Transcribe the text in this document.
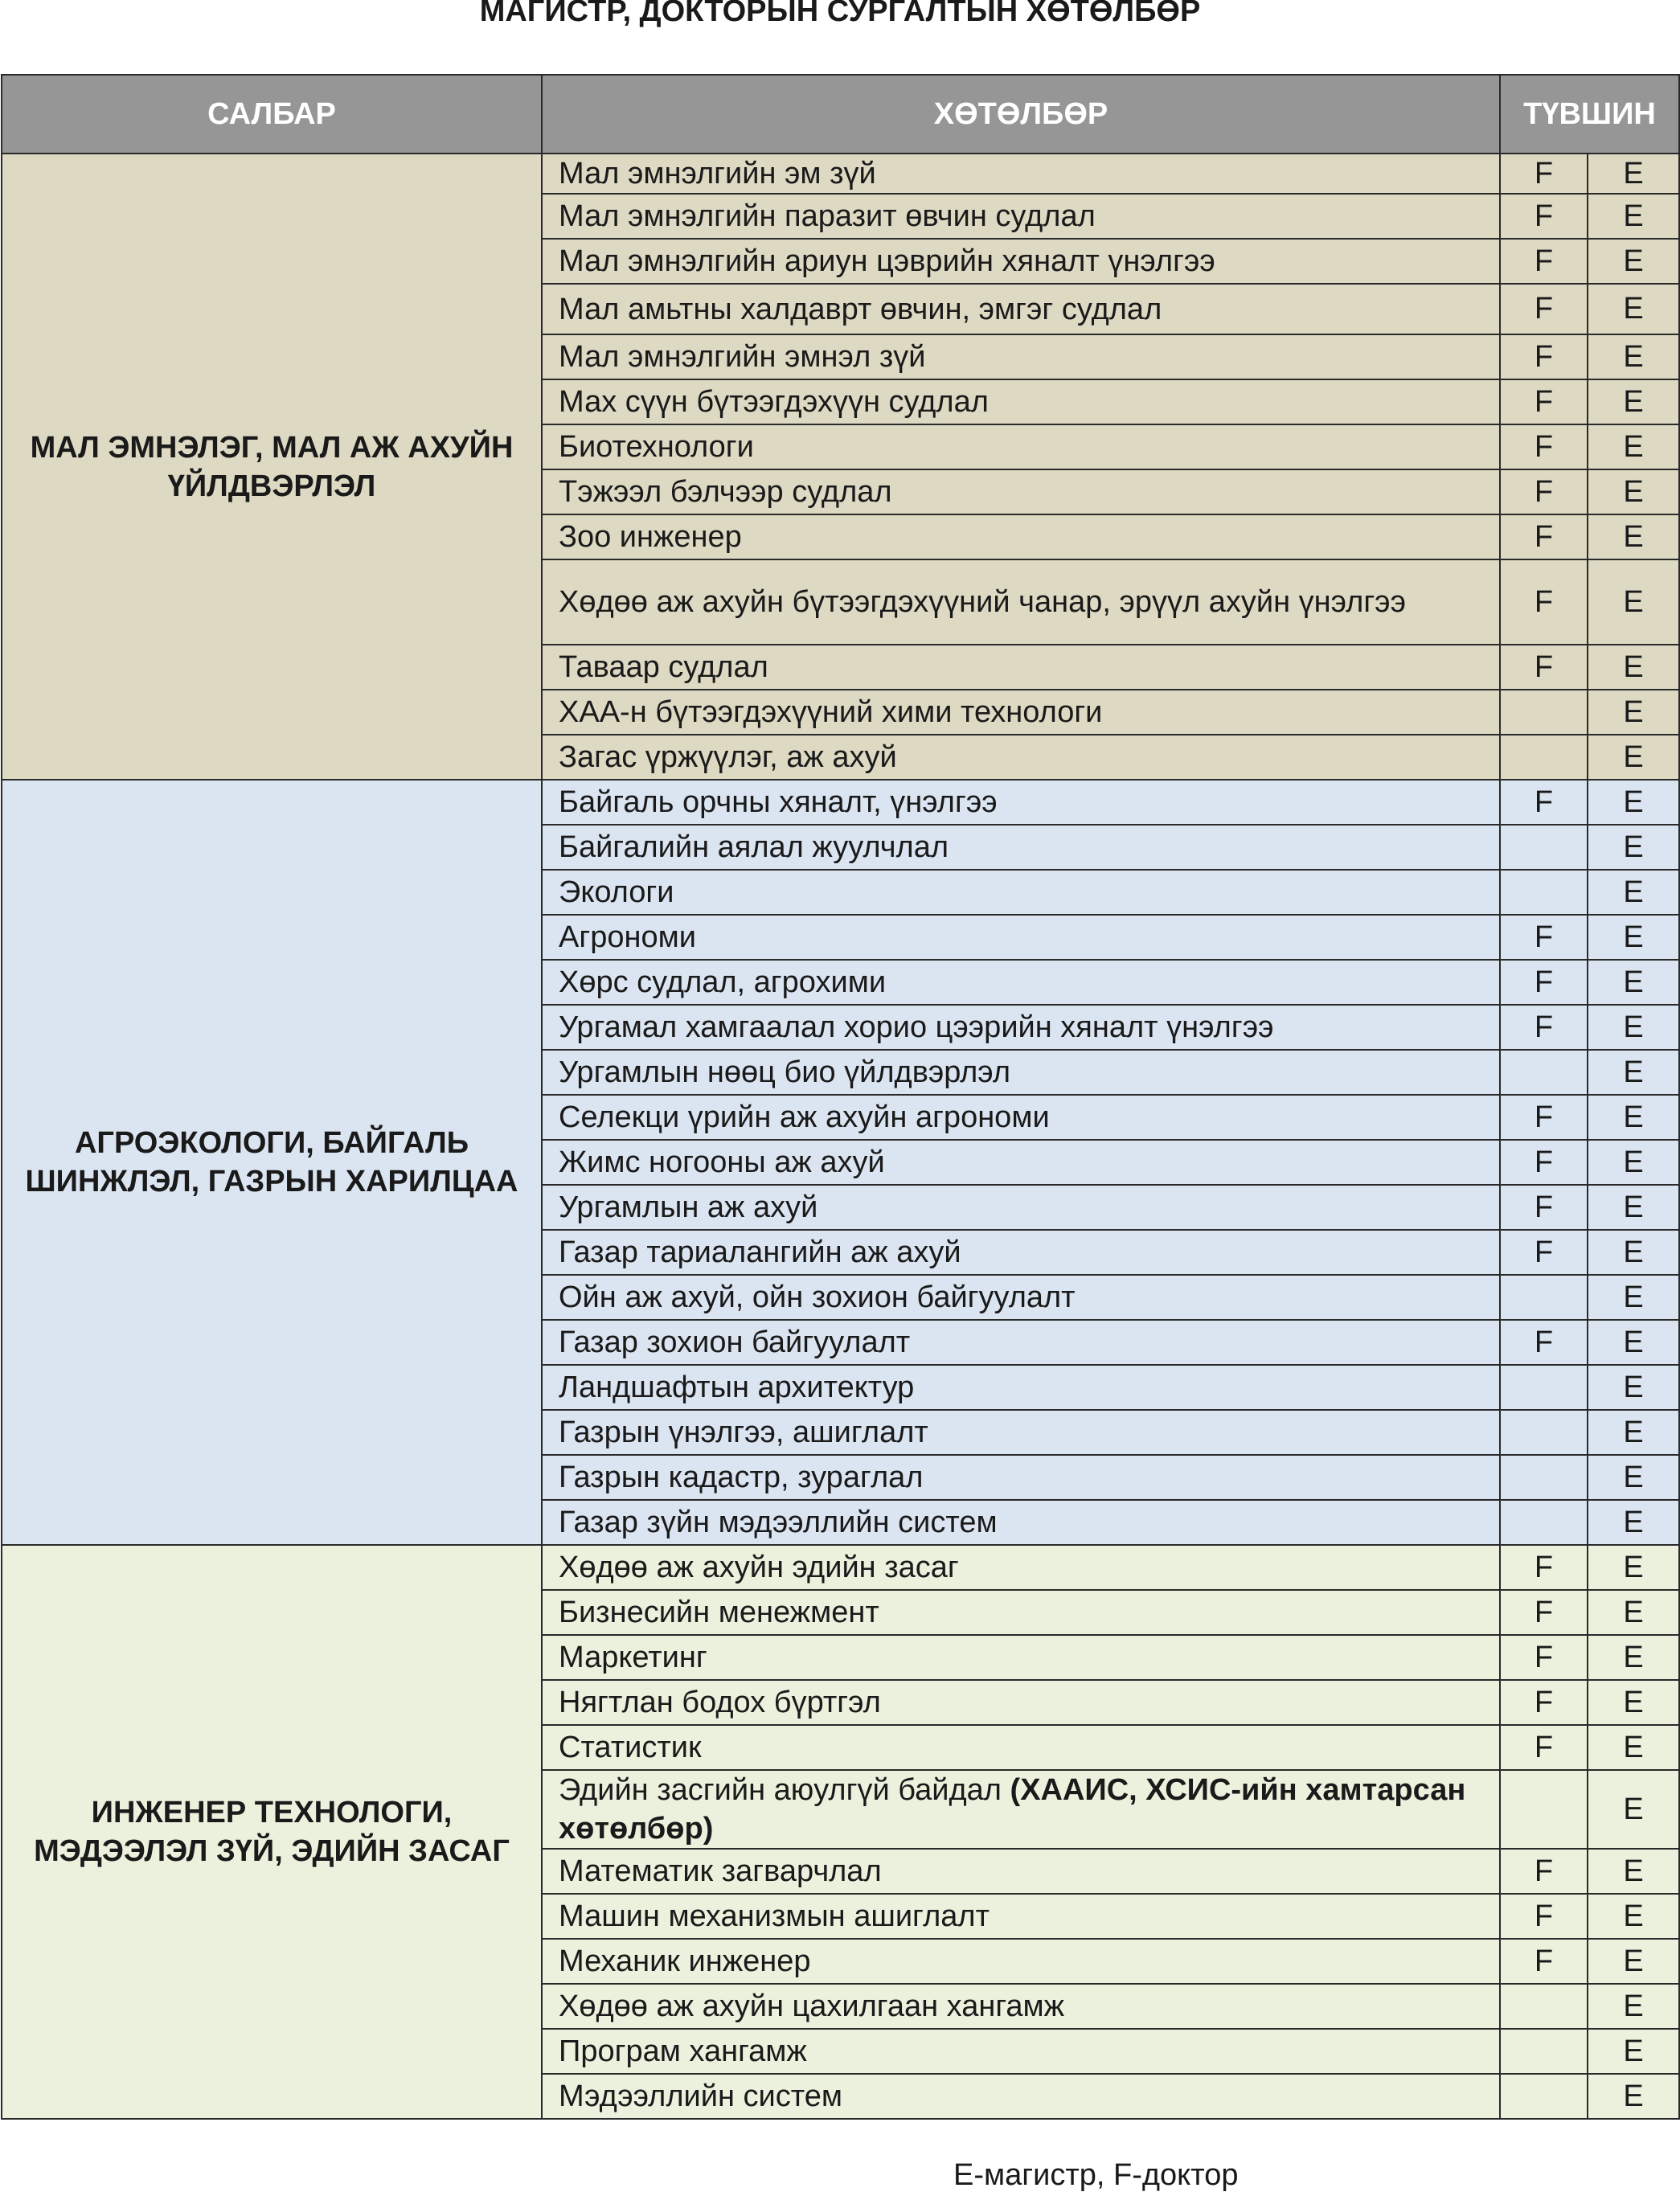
МАГИСТР, ДОКТОРЫН СУРГАЛТЫН ХӨТӨЛБӨР
САЛБАР	ХӨТӨЛБӨР	ТҮВШИН	
МАЛ ЭМНЭЛЭГ, МАЛ АЖ АХУЙН ҮЙЛДВЭРЛЭЛ	Мал эмнэлгийн эм зүй	F	E
	Мал эмнэлгийн паразит өвчин судлал	F	E
	Мал эмнэлгийн ариун цэврийн хяналт үнэлгээ	F	E
	Мал амьтны халдаврт өвчин, эмгэг судлал	F	E
	Мал эмнэлгийн эмнэл зүй	F	E
	Мах сүүн бүтээгдэхүүн судлал	F	E
	Биотехнологи	F	E
	Тэжээл бэлчээр судлал	F	E
	Зоо инженер	F	E
	Хөдөө аж ахуйн бүтээгдэхүүний чанар, эрүүл ахуйн үнэлгээ	F	E
	Таваар судлал	F	E
	ХАА-н бүтээгдэхүүний хими технологи		E
	Загас үржүүлэг, аж ахуй		E
АГРОЭКОЛОГИ, БАЙГАЛЬ ШИНЖЛЭЛ, ГАЗРЫН ХАРИЛЦАА	Байгаль орчны хяналт, үнэлгээ	F	E
	Байгалийн аялал жуулчлал		E
	Экологи		E
	Агрономи	F	E
	Хөрс судлал, агрохими	F	E
	Ургамал хамгаалал хорио цээрийн хяналт үнэлгээ	F	E
	Ургамлын нөөц био үйлдвэрлэл		E
	Селекци үрийн аж ахуйн агрономи	F	E
	Жимс ногооны аж ахуй	F	E
	Ургамлын аж ахуй	F	E
	Газар тариалангийн аж ахуй	F	E
	Ойн аж ахуй, ойн зохион байгуулалт		E
	Газар зохион байгуулалт	F	E
	Ландшафтын архитектур		E
	Газрын үнэлгээ, ашиглалт		E
	Газрын кадастр, зураглал		E
	Газар зүйн мэдээллийн систем		E
ИНЖЕНЕР ТЕХНОЛОГИ, МЭДЭЭЛЭЛ ЗҮЙ, ЭДИЙН ЗАСАГ	Хөдөө аж ахуйн эдийн засаг	F	E
	Бизнесийн менежмент	F	E
	Маркетинг	F	E
	Нягтлан бодох бүртгэл	F	E
	Статистик	F	E
	Эдийн засгийн аюулгүй байдал (ХААИС, ХСИС-ийн хамтарсан хөтөлбөр)		E
	Математик загварчлал	F	E
	Машин механизмын ашиглалт	F	E
	Механик инженер	F	E
	Хөдөө аж ахуйн цахилгаан хангамж		E
	Програм хангамж		E
	Мэдээллийн систем		E
E-магистр, F-доктор
